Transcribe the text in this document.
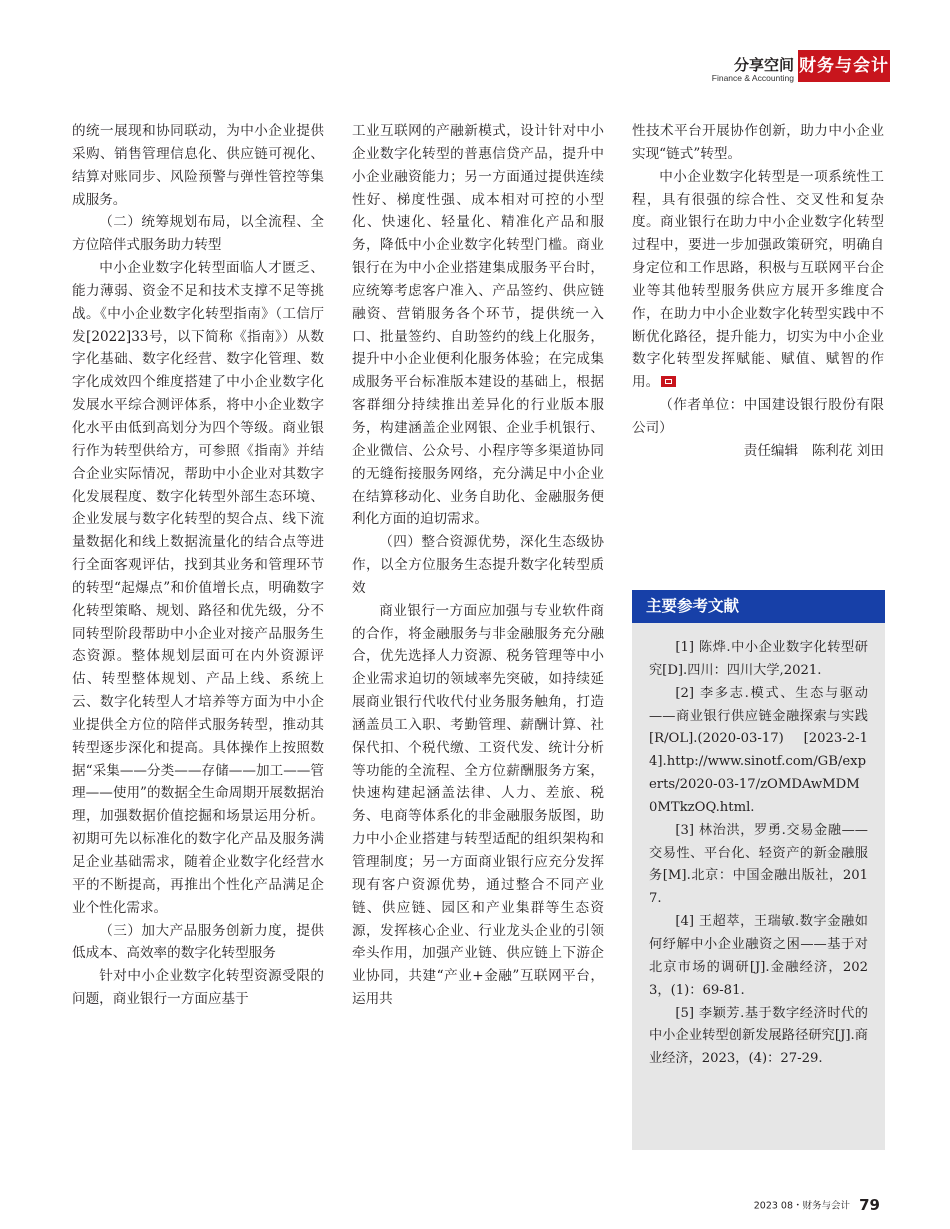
分享空间
Finance & Accounting
财务与会计

的统一展现和协同联动，为中小企业提供采购、销售管理信息化、供应链可视化、结算对账同步、风险预警与弹性管控等集成服务。

（二）统筹规划布局，以全流程、全方位陪伴式服务助力转型

中小企业数字化转型面临人才匮乏、能力薄弱、资金不足和技术支撑不足等挑战。《中小企业数字化转型指南》（工信厅发[2022]33号，以下简称《指南》）从数字化基础、数字化经营、数字化管理、数字化成效四个维度搭建了中小企业数字化发展水平综合测评体系，将中小企业数字化水平由低到高划分为四个等级。商业银行作为转型供给方，可参照《指南》并结合企业实际情况，帮助中小企业对其数字化发展程度、数字化转型外部生态环境、企业发展与数字化转型的契合点、线下流量数据化和线上数据流量化的结合点等进行全面客观评估，找到其业务和管理环节的转型“起爆点”和价值增长点，明确数字化转型策略、规划、路径和优先级，分不同转型阶段帮助中小企业对接产品服务生态资源。整体规划层面可在内外资源评估、转型整体规划、产品上线、系统上云、数字化转型人才培养等方面为中小企业提供全方位的陪伴式服务转型，推动其转型逐步深化和提高。具体操作上按照数据“采集——分类——存储——加工——管理——使用”的数据全生命周期开展数据治理，加强数据价值挖掘和场景运用分析。初期可先以标准化的数字化产品及服务满足企业基础需求，随着企业数字化经营水平的不断提高，再推出个性化产品满足企业个性化需求。

（三）加大产品服务创新力度，提供低成本、高效率的数字化转型服务

针对中小企业数字化转型资源受限的问题，商业银行一方面应基于

工业互联网的产融新模式，设计针对中小企业数字化转型的普惠信贷产品，提升中小企业融资能力；另一方面通过提供连续性好、梯度性强、成本相对可控的小型化、快速化、轻量化、精准化产品和服务，降低中小企业数字化转型门槛。商业银行在为中小企业搭建集成服务平台时，应统筹考虑客户准入、产品签约、供应链融资、营销服务各个环节，提供统一入口、批量签约、自助签约的线上化服务，提升中小企业便利化服务体验；在完成集成服务平台标准版本建设的基础上，根据客群细分持续推出差异化的行业版本服务，构建涵盖企业网银、企业手机银行、企业微信、公众号、小程序等多渠道协同的无缝衔接服务网络，充分满足中小企业在结算移动化、业务自助化、金融服务便利化方面的迫切需求。

（四）整合资源优势，深化生态级协作，以全方位服务生态提升数字化转型质效

商业银行一方面应加强与专业软件商的合作，将金融服务与非金融服务充分融合，优先选择人力资源、税务管理等中小企业需求迫切的领域率先突破，如持续延展商业银行代收代付业务服务触角，打造涵盖员工入职、考勤管理、薪酬计算、社保代扣、个税代缴、工资代发、统计分析等功能的全流程、全方位薪酬服务方案，快速构建起涵盖法律、人力、差旅、税务、电商等体系化的非金融服务版图，助力中小企业搭建与转型适配的组织架构和管理制度；另一方面商业银行应充分发挥现有客户资源优势，通过整合不同产业链、供应链、园区和产业集群等生态资源，发挥核心企业、行业龙头企业的引领牵头作用，加强产业链、供应链上下游企业协同，共建“产业+金融”互联网平台，运用共

性技术平台开展协作创新，助力中小企业实现“链式”转型。

中小企业数字化转型是一项系统性工程，具有很强的综合性、交叉性和复杂度。商业银行在助力中小企业数字化转型过程中，要进一步加强政策研究，明确自身定位和工作思路，积极与互联网平台企业等其他转型服务供应方展开多维度合作，在助力中小企业数字化转型实践中不断优化路径，提升能力，切实为中小企业数字化转型发挥赋能、赋值、赋智的作用。

（作者单位：中国建设银行股份有限公司）

责任编辑　陈利花 刘田

主要参考文献

[1] 陈烨.中小企业数字化转型研究[D].四川：四川大学,2021.

[2] 李多志.模式、生态与驱动——商业银行供应链金融探索与实践[R/OL].(2020-03-17) [2023-2-14].http://www.sinotf.com/GB/experts/2020-03-17/zOMDAwMDM0MTkzOQ.html.

[3] 林治洪，罗勇.交易金融——交易性、平台化、轻资产的新金融服务[M].北京：中国金融出版社，2017.

[4] 王超萃，王瑞敏.数字金融如何纾解中小企业融资之困——基于对北京市场的调研[J].金融经济，2023，(1)：69-81.

[5] 李颖芳.基于数字经济时代的中小企业转型创新发展路径研究[J].商业经济，2023，(4)：27-29.

2023 08・财务与会计 79
